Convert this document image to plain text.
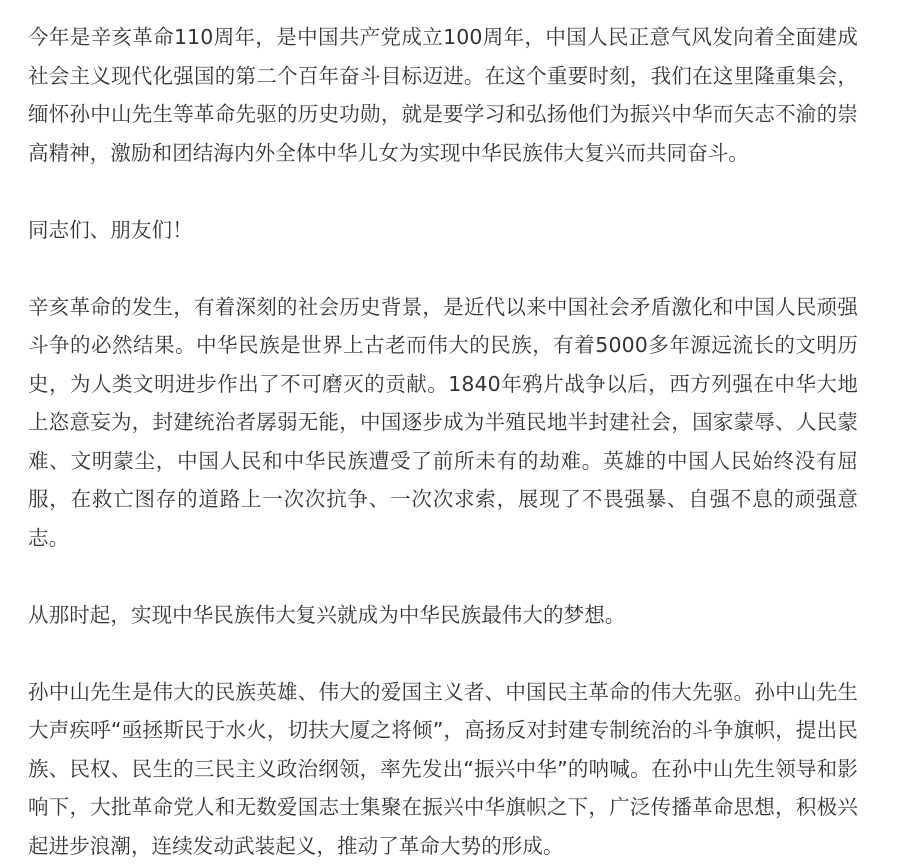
今年是辛亥革命110周年，是中国共产党成立100周年，中国人民正意气风发向着全面建成社会主义现代化强国的第二个百年奋斗目标迈进。在这个重要时刻，我们在这里隆重集会，缅怀孙中山先生等革命先驱的历史功勋，就是要学习和弘扬他们为振兴中华而矢志不渝的崇高精神，激励和团结海内外全体中华儿女为实现中华民族伟大复兴而共同奋斗。

同志们、朋友们！

辛亥革命的发生，有着深刻的社会历史背景，是近代以来中国社会矛盾激化和中国人民顽强斗争的必然结果。中华民族是世界上古老而伟大的民族，有着5000多年源远流长的文明历史，为人类文明进步作出了不可磨灭的贡献。1840年鸦片战争以后，西方列强在中华大地上恣意妄为，封建统治者孱弱无能，中国逐步成为半殖民地半封建社会，国家蒙辱、人民蒙难、文明蒙尘，中国人民和中华民族遭受了前所未有的劫难。英雄的中国人民始终没有屈服，在救亡图存的道路上一次次抗争、一次次求索，展现了不畏强暴、自强不息的顽强意志。

从那时起，实现中华民族伟大复兴就成为中华民族最伟大的梦想。

孙中山先生是伟大的民族英雄、伟大的爱国主义者、中国民主革命的伟大先驱。孙中山先生大声疾呼“亟拯斯民于水火，切扶大厦之将倾”，高扬反对封建专制统治的斗争旗帜，提出民族、民权、民生的三民主义政治纲领，率先发出“振兴中华”的呐喊。在孙中山先生领导和影响下，大批革命党人和无数爱国志士集聚在振兴中华旗帜之下，广泛传播革命思想，积极兴起进步浪潮，连续发动武装起义，推动了革命大势的形成。
